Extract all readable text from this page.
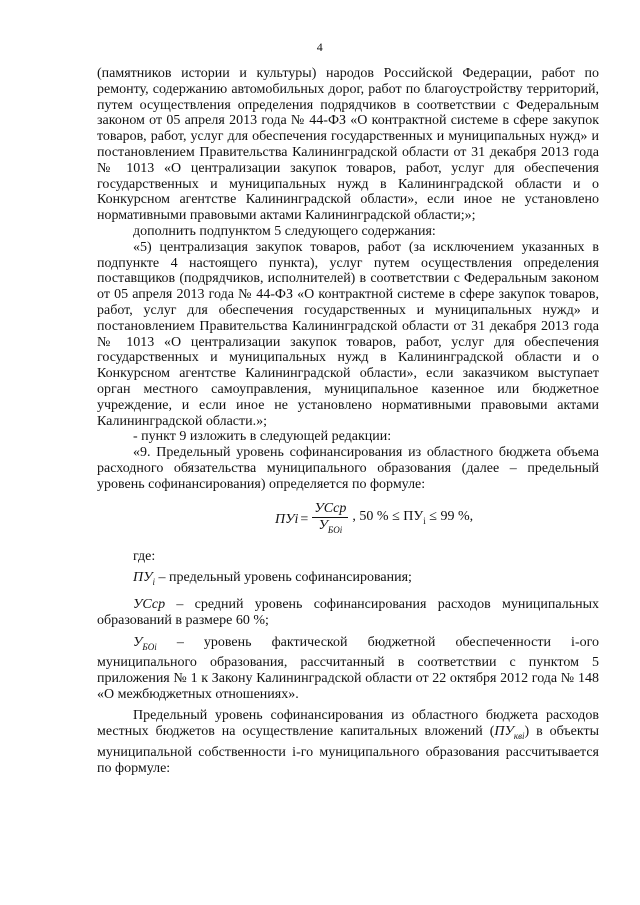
4

(памятников истории и культуры) народов Российской Федерации, работ по ремонту, содержанию автомобильных дорог, работ по благоустройству территорий, путем осуществления определения подрядчиков в соответствии с Федеральным законом от 05 апреля 2013 года № 44-ФЗ «О контрактной системе в сфере закупок товаров, работ, услуг для обеспечения государственных и муниципальных нужд» и постановлением Правительства Калининградской области от 31 декабря 2013 года № 1013 «О централизации закупок товаров, работ, услуг для обеспечения государственных и муниципальных нужд в Калининградской области и о Конкурсном агентстве Калининградской области», если иное не установлено нормативными правовыми актами Калининградской области;»;

дополнить подпунктом 5 следующего содержания:

«5) централизация закупок товаров, работ (за исключением указанных в подпункте 4 настоящего пункта), услуг путем осуществления определения поставщиков (подрядчиков, исполнителей) в соответствии с Федеральным законом от 05 апреля 2013 года № 44-ФЗ «О контрактной системе в сфере закупок товаров, работ, услуг для обеспечения государственных и муниципальных нужд» и постановлением Правительства Калининградской области от 31 декабря 2013 года № 1013 «О централизации закупок товаров, работ, услуг для обеспечения государственных и муниципальных нужд в Калининградской области и о Конкурсном агентстве Калининградской области», если заказчиком выступает орган местного самоуправления, муниципальное казенное или бюджетное учреждение, и если иное не установлено нормативными правовыми актами Калининградской области.»;

- пункт 9 изложить в следующей редакции:

«9. Предельный уровень софинансирования из областного бюджета объема расходного обязательства муниципального образования (далее – предельный уровень софинансирования) определяется по формуле:

ПУi = $\frac{\text{УСср}}{У_{БОi}}$ , 50 % ≤ $ПУ_i \le 99$ %,

где:

$ПУ_i$ – предельный уровень софинансирования;

УСср – средний уровень софинансирования расходов муниципальных образований в размере 60 %;

$У_{БОi}$ – уровень фактической бюджетной обеспеченности i-ого муниципального образования, рассчитанный в соответствии с пунктом 5 приложения № 1 к Закону Калининградской области от 22 октября 2012 года № 148 «О межбюджетных отношениях».

Предельный уровень софинансирования из областного бюджета расходов местных бюджетов на осуществление капитальных вложений $(ПУ_{квi})$ в объекты муниципальной собственности i-го муниципального образования рассчитывается по формуле:
